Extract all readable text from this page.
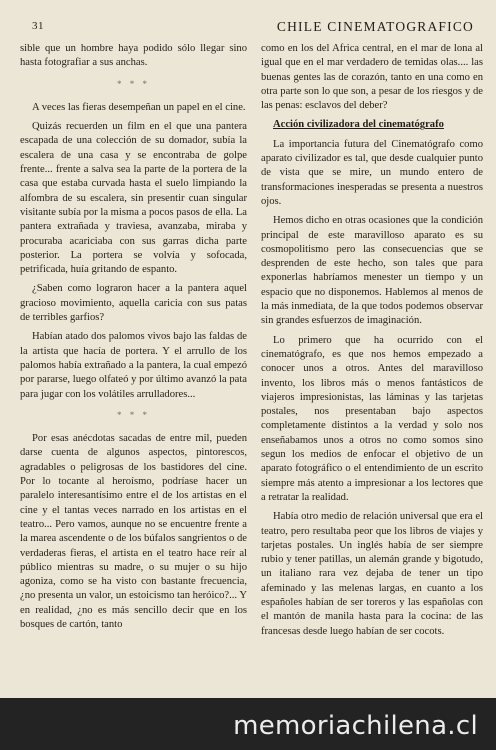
31	CHILE CINEMATOGRAFICO

sible que un hombre haya podido sólo llegar sino hasta fotografiar a sus anchas.

* * *

A veces las fieras desempeñan un papel en el cine.

Quizás recuerden un film en el que una pantera escapada de una colección de su domador, subía la escalera de una casa y se encontraba de golpe frente... frente a salva sea la parte de la portera de la casa que estaba curvada hasta el suelo limpiando la alfombra de su escalera, sin presentir cuan singular visitante subía por la misma a pocos pasos de ella. La pantera extrañada y traviesa, avanzaba, miraba y procuraba acariciaba con sus garras dicha parte posterior. La portera se volvía y sofocada, petrificada, huía gritando de espanto.

¿Saben como lograron hacer a la pantera aquel gracioso movimiento, aquella caricia con sus patas de terribles garfios?

Habían atado dos palomos vivos bajo las faldas de la artista que hacía de portera. Y el arrullo de los palomos había extrañado a la pantera, la cual empezó por pararse, luego olfateó y por último avanzó la pata para jugar con los volátiles arrulladores...

* * *

Por esas anécdotas sacadas de entre mil, pueden darse cuenta de algunos aspectos, pintorescos, agradables o peligrosas de los bastidores del cine. Por lo tocante al heroísmo, podríase hacer un paralelo interesantísimo entre el de los artistas en el cine y el tantas veces narrado en los artistas en el teatro... Pero vamos, aunque no se encuentre frente a la marea ascendente o de los búfalos sangrientos o de verdaderas fieras, el artista en el teatro hace reír al público mientras su madre, o su mujer o su hijo agoniza, como se ha visto con bastante frecuencia, ¿no presenta un valor, un estoicismo tan heróico?... Y en realidad, ¿no es más sencillo decir que en los bosques de cartón, tanto

como en los del Africa central, en el mar de lona al igual que en el mar verdadero de temidas olas.... las buenas gentes las de corazón, tanto en una como en otra parte son lo que son, a pesar de los riesgos y de las penas: esclavos del deber?

Acción civilizadora del cinematógrafo

La importancia futura del Cinematógrafo como aparato civilizador es tal, que desde cualquier punto de vista que se mire, un mundo entero de transformaciones inesperadas se presenta a nuestros ojos.

Hemos dicho en otras ocasiones que la condición principal de este maravilloso aparato es su cosmopolitismo pero las consecuencias que se desprenden de este hecho, son tales que para exponerlas habríamos menester un tiempo y un espacio que no disponemos. Hablemos al menos de la más inmediata, de la que todos podemos observar sin grandes esfuerzos de imaginación.

Lo primero que ha ocurrido con el cinematógrafo, es que nos hemos empezado a conocer unos a otros. Antes del maravilloso invento, los libros más o menos fantásticos de viajeros impresionistas, las láminas y las tarjetas postales, nos presentaban bajo aspectos completamente distintos a la verdad y solo nos enseñabamos unos a otros no como somos sino segun los medios de enfocar el objetivo de un aparato fotográfico o el entendimiento de un escrito siempre más atento a impresionar a los lectores que a retratar la realidad.

Había otro medio de relación universal que era el teatro, pero resultaba peor que los libros de viajes y tarjetas postales. Un inglés había de ser siempre rubio y tener patillas, un alemán grande y bigotudo, un italiano rara vez dejaba de tener un tipo afeminado y las melenas largas, en cuanto a los españoles habían de ser toreros y las españolas con el mantón de manila hasta para la cocina: de las francesas desde luego habían de ser cocots.

memoriachilena.cl
